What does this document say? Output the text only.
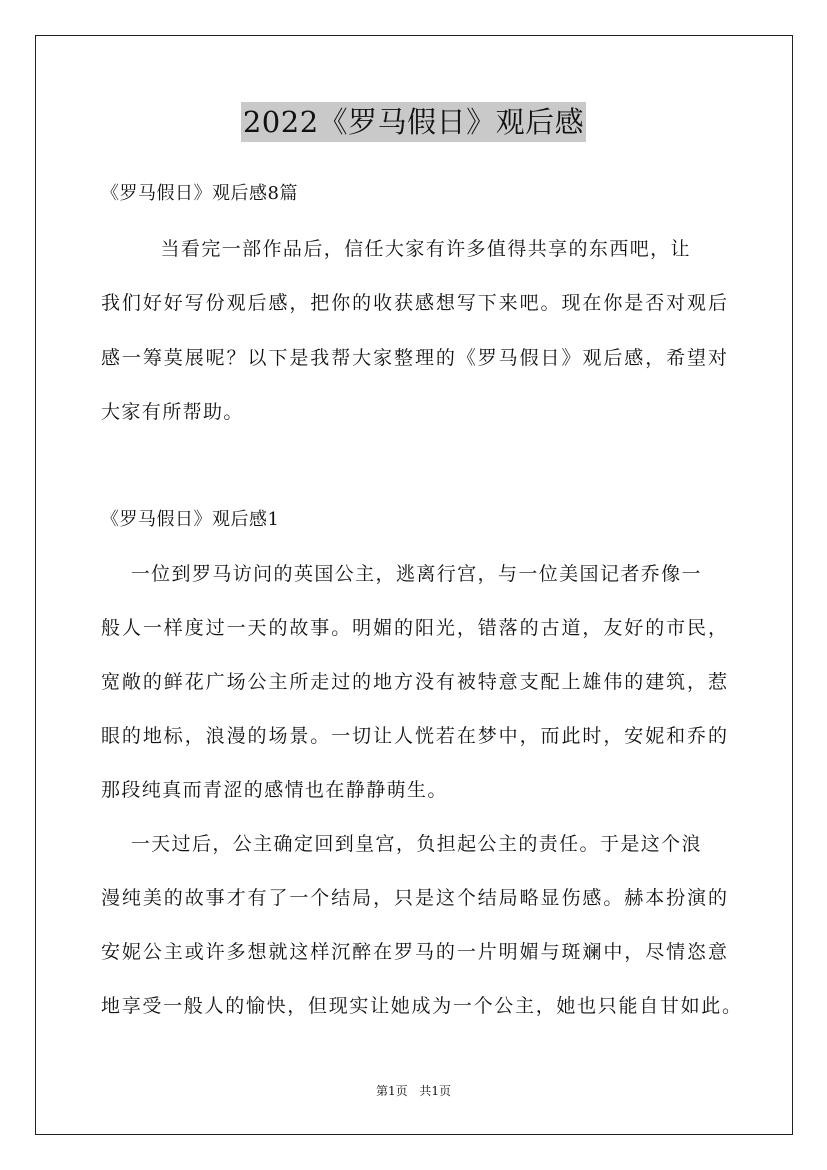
2022《罗马假日》观后感
《罗马假日》观后感8篇
当看完一部作品后，信任大家有许多值得共享的东西吧，让
我们好好写份观后感，把你的收获感想写下来吧。现在你是否对观后
感一筹莫展呢？以下是我帮大家整理的《罗马假日》观后感，希望对
大家有所帮助。
《罗马假日》观后感1
一位到罗马访问的英国公主，逃离行宫，与一位美国记者乔像一
般人一样度过一天的故事。明媚的阳光，错落的古道，友好的市民，
宽敞的鲜花广场公主所走过的地方没有被特意支配上雄伟的建筑，惹
眼的地标，浪漫的场景。一切让人恍若在梦中，而此时，安妮和乔的
那段纯真而青涩的感情也在静静萌生。
一天过后，公主确定回到皇宫，负担起公主的责任。于是这个浪
漫纯美的故事才有了一个结局，只是这个结局略显伤感。赫本扮演的
安妮公主或许多想就这样沉醉在罗马的一片明媚与斑斓中，尽情恣意
地享受一般人的愉快，但现实让她成为一个公主，她也只能自甘如此。
第1页 共1页
